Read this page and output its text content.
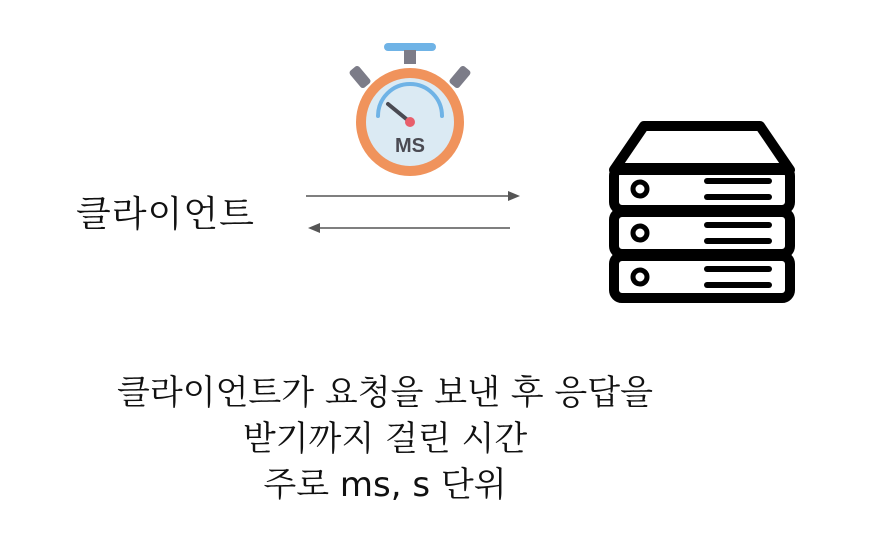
클라이언트
MS
클라이언트가 요청을 보낸 후 응답을
받기까지 걸린 시간
주로 ms, s 단위
